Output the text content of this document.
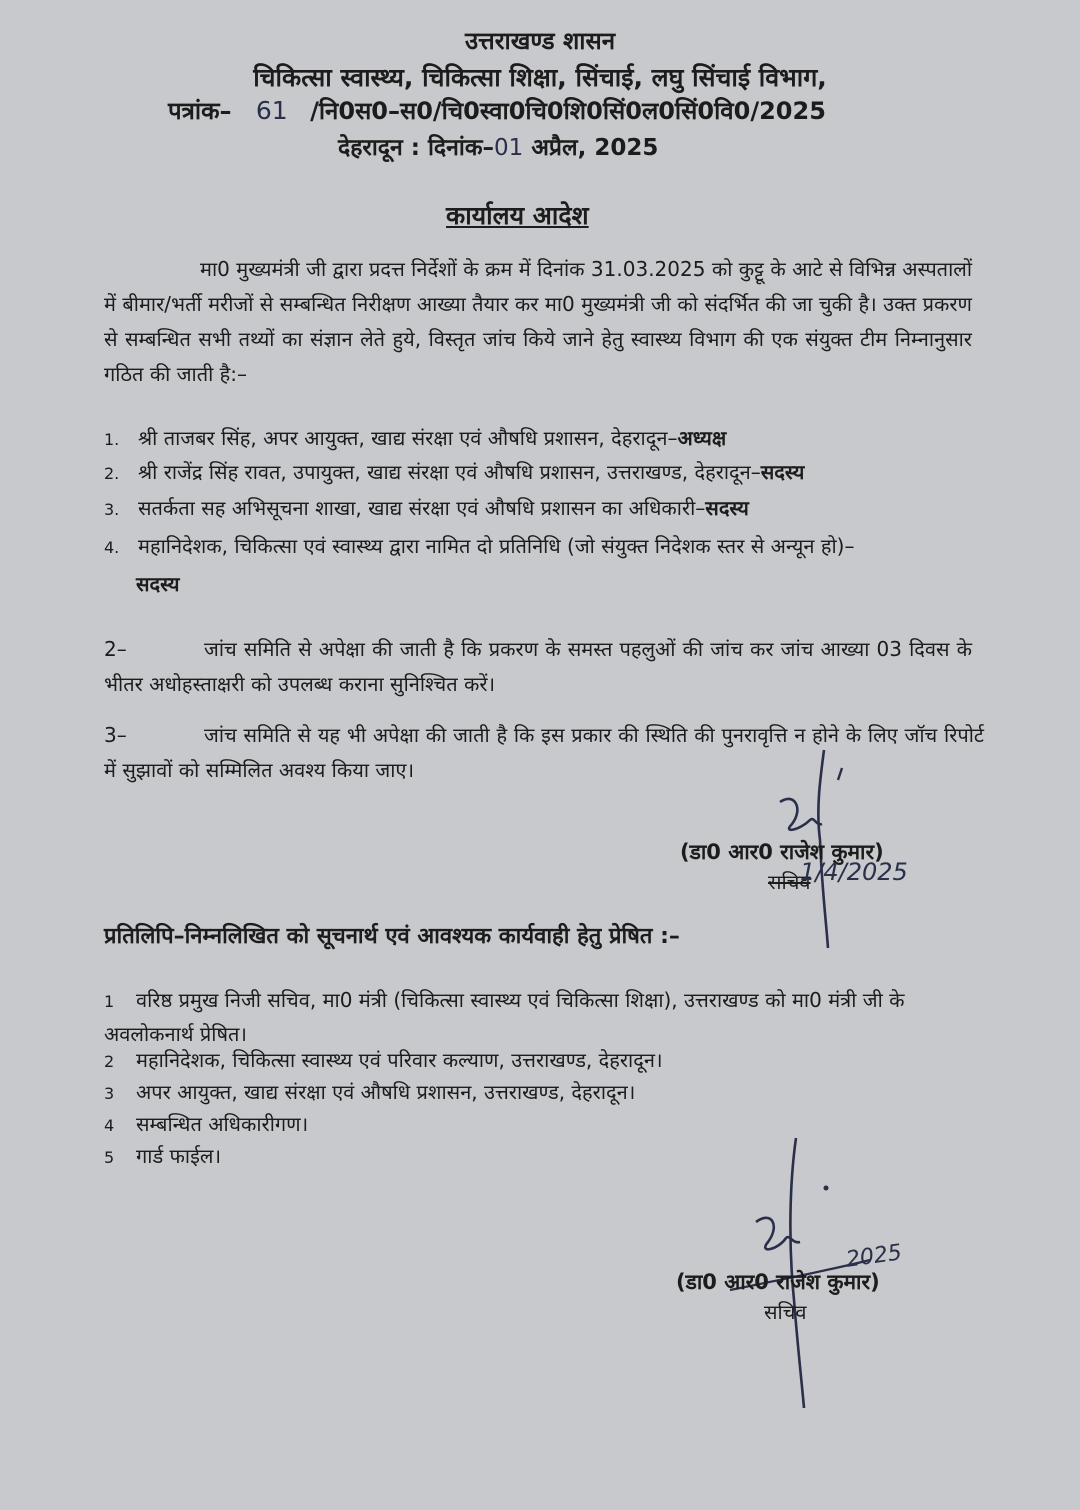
उत्तराखण्ड शासन
चिकित्सा स्वास्थ्य, चिकित्सा शिक्षा, सिंचाई, लघु सिंचाई विभाग,
पत्रांक– 61 /नि0स0–स0/चि0स्वा0चि0शि0सिं0ल0सिं0वि0/2025
देहरादून : दिनांक–01 अप्रैल, 2025
कार्यालय आदेश
मा0 मुख्यमंत्री जी द्वारा प्रदत्त निर्देशों के क्रम में दिनांक 31.03.2025 को कुट्टू के आटे से विभिन्न अस्पतालों में बीमार/भर्ती मरीजों से सम्बन्धित निरीक्षण आख्या तैयार कर मा0 मुख्यमंत्री जी को संदर्भित की जा चुकी है। उक्त प्रकरण से सम्बन्धित सभी तथ्यों का संज्ञान लेते हुये, विस्तृत जांच किये जाने हेतु स्वास्थ्य विभाग की एक संयुक्त टीम निम्नानुसार गठित की जाती है:–
1. श्री ताजबर सिंह, अपर आयुक्त, खाद्य संरक्षा एवं औषधि प्रशासन, देहरादून–अध्यक्ष
2. श्री राजेंद्र सिंह रावत, उपायुक्त, खाद्य संरक्षा एवं औषधि प्रशासन, उत्तराखण्ड, देहरादून–सदस्य
3. सतर्कता सह अभिसूचना शाखा, खाद्य संरक्षा एवं औषधि प्रशासन का अधिकारी–सदस्य
4. महानिदेशक, चिकित्सा एवं स्वास्थ्य द्वारा नामित दो प्रतिनिधि (जो संयुक्त निदेशक स्तर से अन्यून हो)–
सदस्य
2–	जांच समिति से अपेक्षा की जाती है कि प्रकरण के समस्त पहलुओं की जांच कर जांच आख्या 03 दिवस के भीतर अधोहस्ताक्षरी को उपलब्ध कराना सुनिश्चित करें।
3–	जांच समिति से यह भी अपेक्षा की जाती है कि इस प्रकार की स्थिति की पुनरावृत्ति न होने के लिए जॉच रिपोर्ट में सुझावों को सम्मिलित अवश्य किया जाए।
(डा0 आर0 राजेश कुमार)
सचिव
1/4/2025
प्रतिलिपि–निम्नलिखित को सूचनार्थ एवं आवश्यक कार्यवाही हेतु प्रेषित :–
1 वरिष्ठ प्रमुख निजी सचिव, मा0 मंत्री (चिकित्सा स्वास्थ्य एवं चिकित्सा शिक्षा), उत्तराखण्ड को मा0 मंत्री जी के अवलोकनार्थ प्रेषित।
2 महानिदेशक, चिकित्सा स्वास्थ्य एवं परिवार कल्याण, उत्तराखण्ड, देहरादून।
3 अपर आयुक्त, खाद्य संरक्षा एवं औषधि प्रशासन, उत्तराखण्ड, देहरादून।
4 सम्बन्धित अधिकारीगण।
5 गार्ड फाईल।
(डा0 आर0 राजेश कुमार)
सचिव
2025
